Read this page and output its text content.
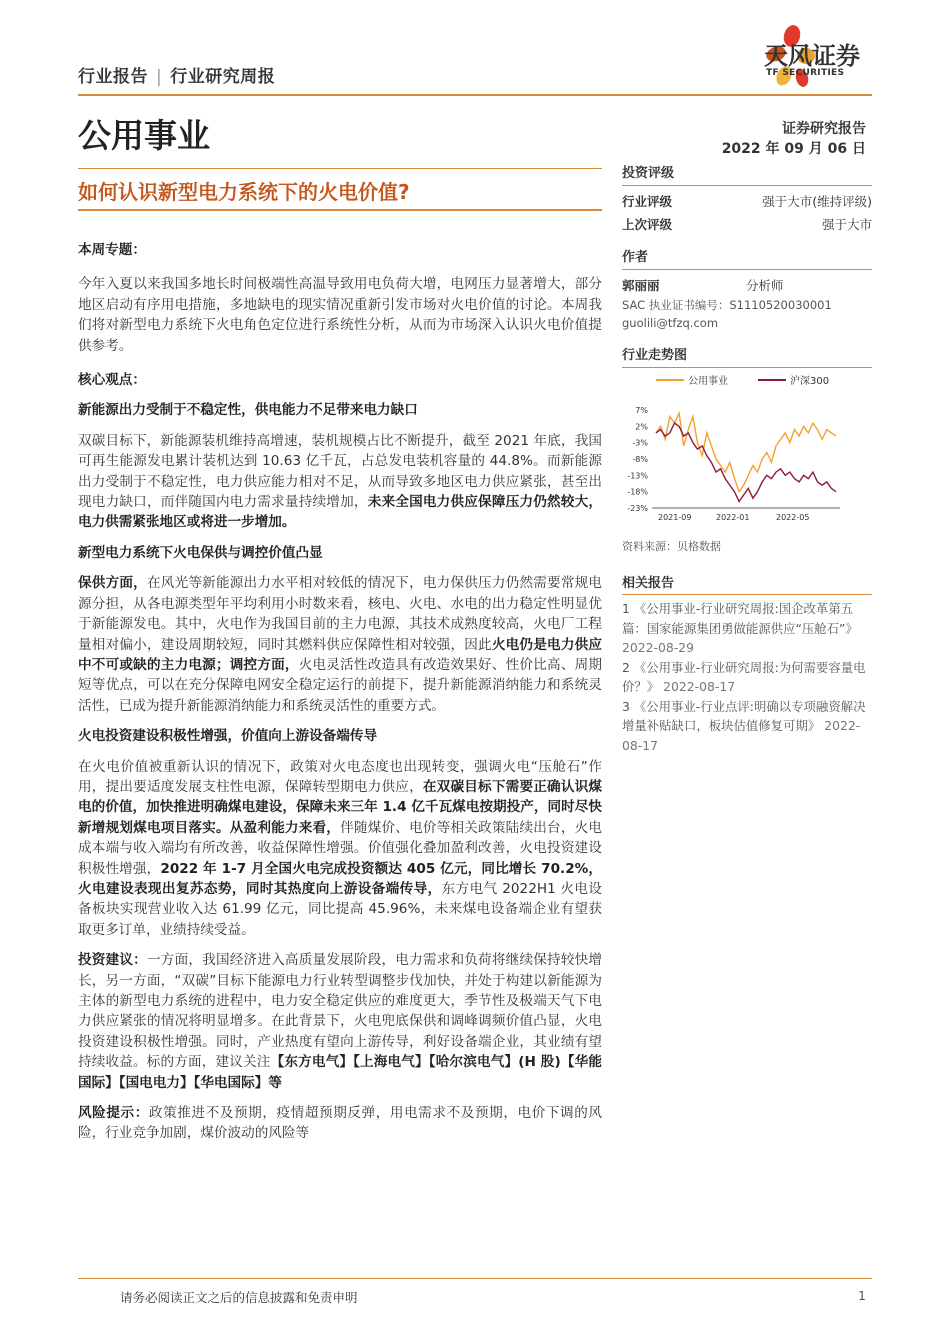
行业报告 | 行业研究周报
天风证券
TF SECURITIES
公用事业	证券研究报告
2022 年 09 月 06 日
如何认识新型电力系统下的火电价值?

本周专题：

今年入夏以来我国多地长时间极端性高温导致用电负荷大增，电网压力显著增大，部分地区启动有序用电措施，多地缺电的现实情况重新引发市场对火电价值的讨论。本周我们将对新型电力系统下火电角色定位进行系统性分析，从而为市场深入认识火电价值提供参考。

核心观点：

新能源出力受制于不稳定性，供电能力不足带来电力缺口

双碳目标下，新能源装机维持高增速，装机规模占比不断提升，截至 2021 年底，我国可再生能源发电累计装机达到 10.63 亿千瓦，占总发电装机容量的 44.8%。而新能源出力受制于不稳定性，电力供应能力相对不足，从而导致多地区电力供应紧张，甚至出现电力缺口，而伴随国内电力需求量持续增加，未来全国电力供应保障压力仍然较大，电力供需紧张地区或将进一步增加。

新型电力系统下火电保供与调控价值凸显

保供方面，在风光等新能源出力水平相对较低的情况下，电力保供压力仍然需要常规电源分担，从各电源类型年平均利用小时数来看，核电、火电、水电的出力稳定性明显优于新能源发电。其中，火电作为我国目前的主力电源，其技术成熟度较高，火电厂工程量相对偏小，建设周期较短，同时其燃料供应保障性相对较强，因此火电仍是电力供应中不可或缺的主力电源；调控方面，火电灵活性改造具有改造效果好、性价比高、周期短等优点，可以在充分保障电网安全稳定运行的前提下，提升新能源消纳能力和系统灵活性，已成为提升新能源消纳能力和系统灵活性的重要方式。

火电投资建设积极性增强，价值向上游设备端传导

在火电价值被重新认识的情况下，政策对火电态度也出现转变，强调火电“压舱石”作用，提出要适度发展支柱性电源，保障转型期电力供应，在双碳目标下需要正确认识煤电的价值，加快推进明确煤电建设，保障未来三年 1.4 亿千瓦煤电按期投产，同时尽快新增规划煤电项目落实。从盈利能力来看，伴随煤价、电价等相关政策陆续出台，火电成本端与收入端均有所改善，收益保障性增强。价值强化叠加盈利改善，火电投资建设积极性增强，2022 年 1-7 月全国火电完成投资额达 405 亿元，同比增长 70.2%，火电建设表现出复苏态势，同时其热度向上游设备端传导，东方电气 2022H1 火电设备板块实现营业收入达 61.99 亿元，同比提高 45.96%，未来煤电设备端企业有望获取更多订单，业绩持续受益。

投资建议：一方面，我国经济进入高质量发展阶段，电力需求和负荷将继续保持较快增长，另一方面，“双碳”目标下能源电力行业转型调整步伐加快，并处于构建以新能源为主体的新型电力系统的进程中，电力安全稳定供应的难度更大，季节性及极端天气下电力供应紧张的情况将明显增多。在此背景下，火电兜底保供和调峰调频价值凸显，火电投资建设积极性增强。同时，产业热度有望向上游传导，利好设备端企业，其业绩有望持续收益。标的方面，建议关注【东方电气】【上海电气】【哈尔滨电气】(H 股)【华能国际】【国电电力】【华电国际】等

风险提示：政策推进不及预期，疫情超预期反弹，用电需求不及预期，电价下调的风险，行业竞争加剧，煤价波动的风险等

投资评级
行业评级	强于大市(维持评级)
上次评级	强于大市
作者
郭丽丽	分析师
SAC 执业证书编号：S1110520030001
guolili@tfzq.com
行业走势图
公用事业	沪深300
7%
2%
-3%
-8%
-13%
-18%
-23%
2021-09	2022-01	2022-05
资料来源：贝格数据
相关报告

1 《公用事业-行业研究周报:国企改革第五篇：国家能源集团勇做能源供应“压舱石”》 2022-08-29

2 《公用事业-行业研究周报:为何需要容量电价？》 2022-08-17

3 《公用事业-行业点评:明确以专项融资解决增量补贴缺口，板块估值修复可期》 2022-08-17

请务必阅读正文之后的信息披露和免责申明	1
